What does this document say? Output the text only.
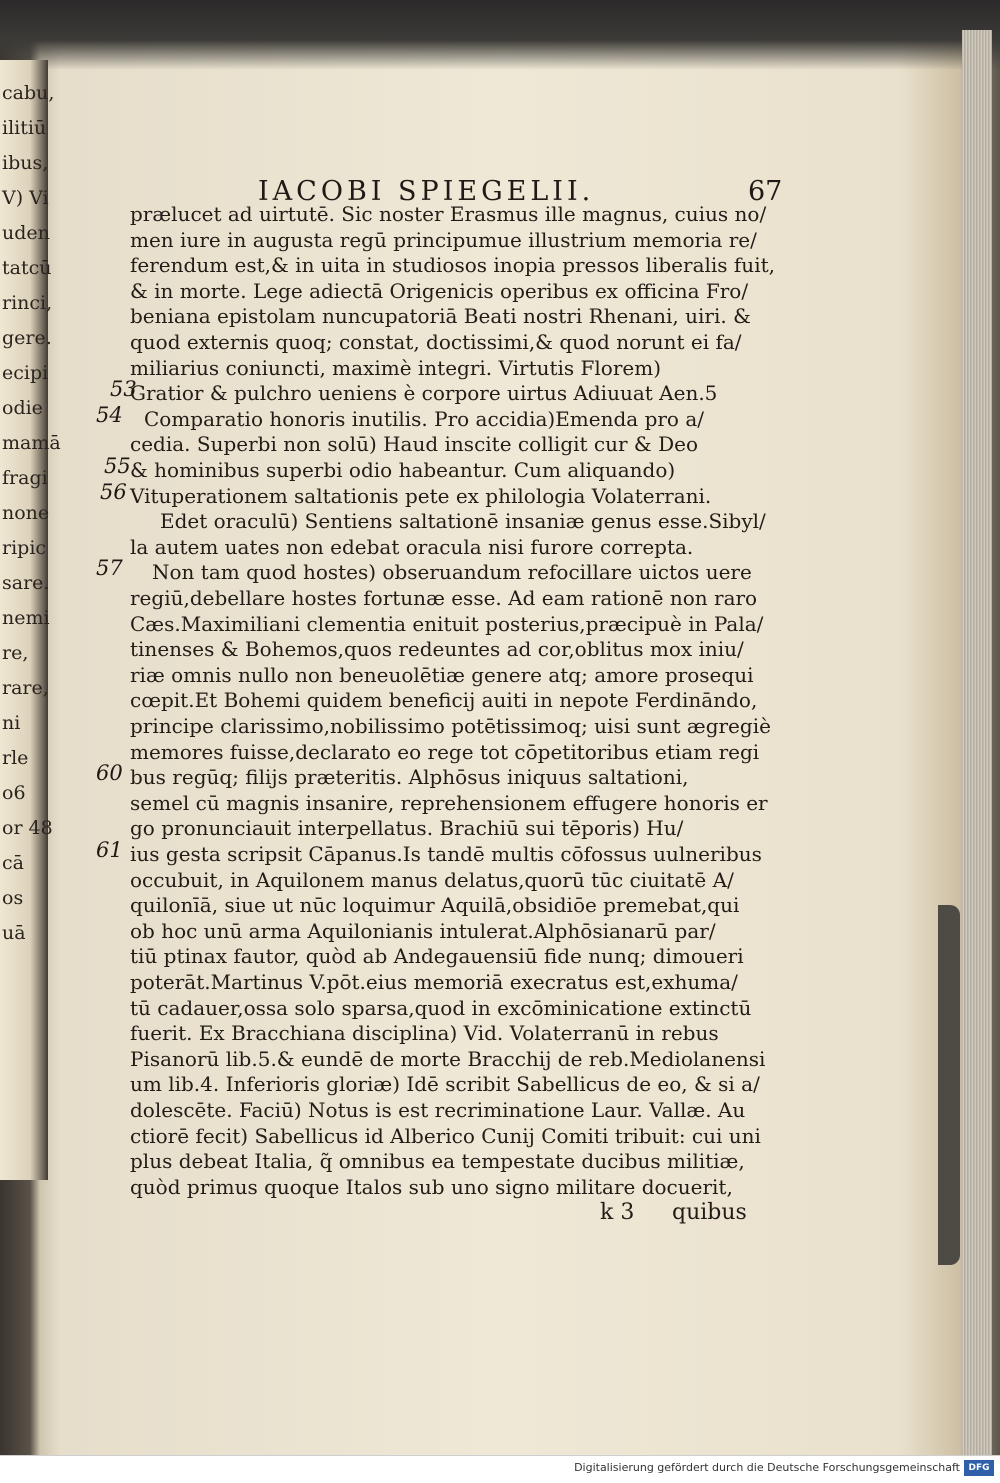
cabu,
ilitiū
ibus,
V) Vi
uden
tatcū
rinci,
gere.
ecipi
odie
mamā
fragi
none
ripic
sare.
nemi
re,
rare,
ni
rle
o6
or 48
cā
os
uā
IACOBI SPIEGELII.	67
prælucet ad uirtutē. Sic noster Erasmus ille magnus, cuius no/
men iure in augusta regū principumue illustrium memoria re/
ferendum est,& in uita in studiosos inopia pressos liberalis fuit,
& in morte. Lege adiectā Origenicis operibus ex officina Fro/
beniana epistolam nuncupatoriā Beati nostri Rhenani, uiri. &
quod externis quoq; constat, doctissimi,& quod norunt ei fa/
miliarius coniuncti, maximè integri. Virtutis Florem)
Gratior & pulchro ueniens è corpore uirtus Adiuuat Aen.5
Comparatio honoris inutilis. Pro accidia)Emenda pro a/
cedia. Superbi non solū) Haud inscite colligit cur & Deo
& hominibus superbi odio habeantur. Cum aliquando)
Vituperationem saltationis pete ex philologia Volaterrani.
Edet oraculū) Sentiens saltationē insaniæ genus esse.Sibyl/
la autem uates non edebat oracula nisi furore correpta.
Non tam quod hostes) obseruandum refocillare uictos uere
regiū,debellare hostes fortunæ esse. Ad eam rationē non raro
Cæs.Maximiliani clementia enituit posterius,præcipuè in Pala/
tinenses & Bohemos,quos redeuntes ad cor,oblitus mox iniu/
riæ omnis nullo non beneuolētiæ genere atq; amore prosequi
cœpit.Et Bohemi quidem beneficij auiti in nepote Ferdināndo,
principe clarissimo,nobilissimo potētissimoq; uisi sunt ægregiè
memores fuisse,declarato eo rege tot cōpetitoribus etiam regi
bus regūq; filijs præteritis. Alphōsus iniquus saltationi,
semel cū magnis insanire, reprehensionem effugere honoris er
go pronunciauit interpellatus. Brachiū sui tēporis) Hu/
ius gesta scripsit Cāpanus.Is tandē multis cōfossus uulneribus
occubuit, in Aquilonem manus delatus,quorū tūc ciuitatē A/
quilonīā, siue ut nūc loquimur Aquilā,obsidiōe premebat,qui
ob hoc unū arma Aquilonianis intulerat.Alphōsianarū par/
tiū ptinax fautor, quòd ab Andegauensiū fide nunq; dimoueri
poterāt.Martinus V.pōt.eius memoriā execratus est,exhuma/
tū cadauer,ossa solo sparsa,quod in excōminicatione extinctū
fuerit. Ex Bracchiana disciplina) Vid. Volaterranū in rebus
Pisanorū lib.5.& eundē de morte Bracchij de reb.Mediolanensi
um lib.4. Inferioris gloriæ) Idē scribit Sabellicus de eo, & si a/
dolescēte. Faciū) Notus is est recriminatione Laur. Vallæ. Au
ctiorē fecit) Sabellicus id Alberico Cunij Comiti tribuit: cui uni
plus debeat Italia, q̃ omnibus ea tempestate ducibus militiæ,
quòd primus quoque Italos sub uno signo militare docuerit,
53
54
55
56
57
60
61
k 3 quibus
Digitalisierung gefördert durch die Deutsche Forschungsgemeinschaft DFG
